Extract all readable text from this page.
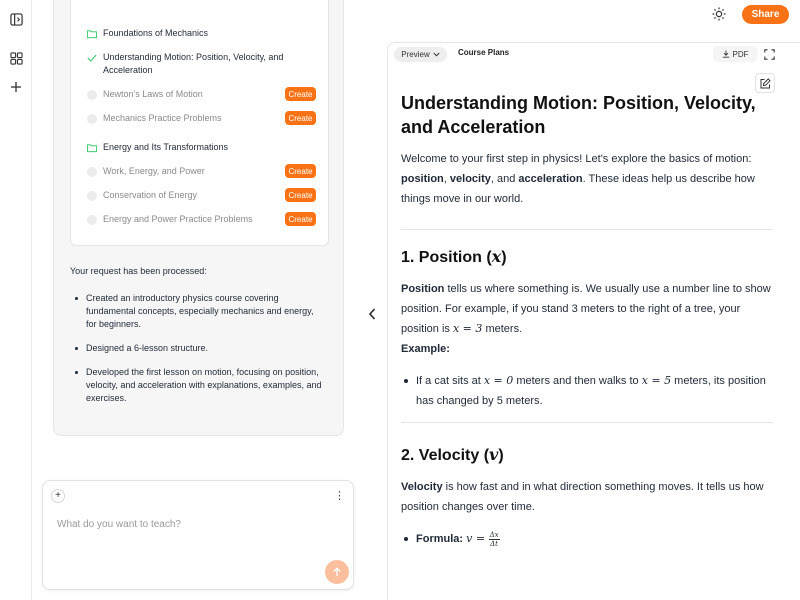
Share
Foundations of Mechanics
Understanding Motion: Position, Velocity, and
Acceleration
Newton's Laws of Motion	Create
Mechanics Practice Problems	Create
Energy and Its Transformations
Work, Energy, and Power	Create
Conservation of Energy	Create
Energy and Power Practice Problems	Create
Your request has been processed:
Created an introductory physics course covering fundamental concepts, especially mechanics and energy, for beginners.
Designed a 6-lesson structure.
Developed the first lesson on motion, focusing on position, velocity, and acceleration with explanations, examples, and exercises.
+	⋮
What do you want to teach?
Preview	Course Plans	PDF
Understanding Motion: Position, Velocity, and Acceleration

Welcome to your first step in physics! Let's explore the basics of motion: position, velocity, and acceleration. These ideas help us describe how things move in our world.

1. Position (x)

Position tells us where something is. We usually use a number line to show position. For example, if you stand 3 meters to the right of a tree, your position is x = 3 meters.
Example:

If a cat sits at x = 0 meters and then walks to x = 5 meters, its position has changed by 5 meters.
2. Velocity (v)

Velocity is how fast and in what direction something moves. It tells us how position changes over time.

Formula: $v = \frac{\Delta x}{\Delta t}$
